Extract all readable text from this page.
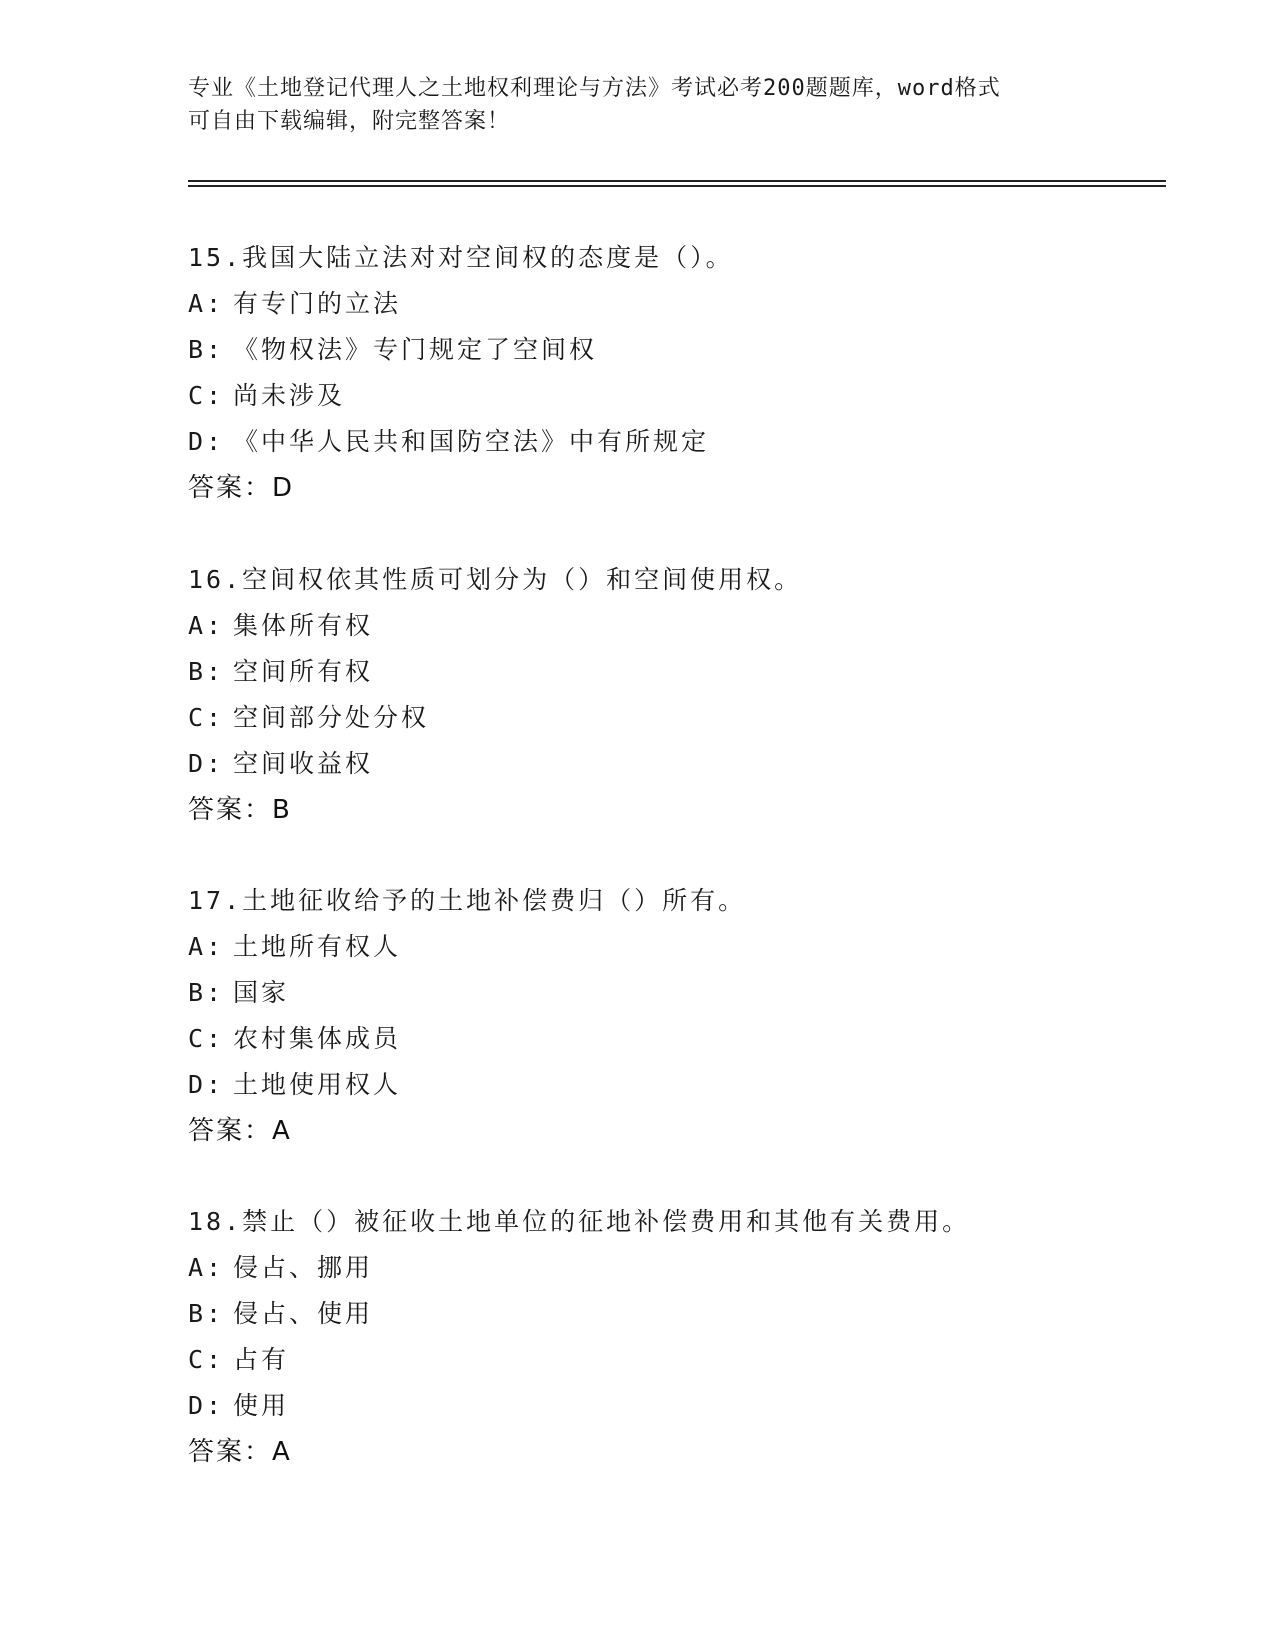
专业《土地登记代理人之土地权利理论与方法》考试必考200题题库，word格式
可自由下载编辑，附完整答案！
15.我国大陆立法对对空间权的态度是（）。
A: 有专门的立法
B: 《物权法》专门规定了空间权
C: 尚未涉及
D: 《中华人民共和国防空法》中有所规定
答案：D
16.空间权依其性质可划分为（）和空间使用权。
A: 集体所有权
B: 空间所有权
C: 空间部分处分权
D: 空间收益权
答案：B
17.土地征收给予的土地补偿费归（）所有。
A: 土地所有权人
B: 国家
C: 农村集体成员
D: 土地使用权人
答案：A
18.禁止（）被征收土地单位的征地补偿费用和其他有关费用。
A: 侵占、挪用
B: 侵占、使用
C: 占有
D: 使用
答案：A
